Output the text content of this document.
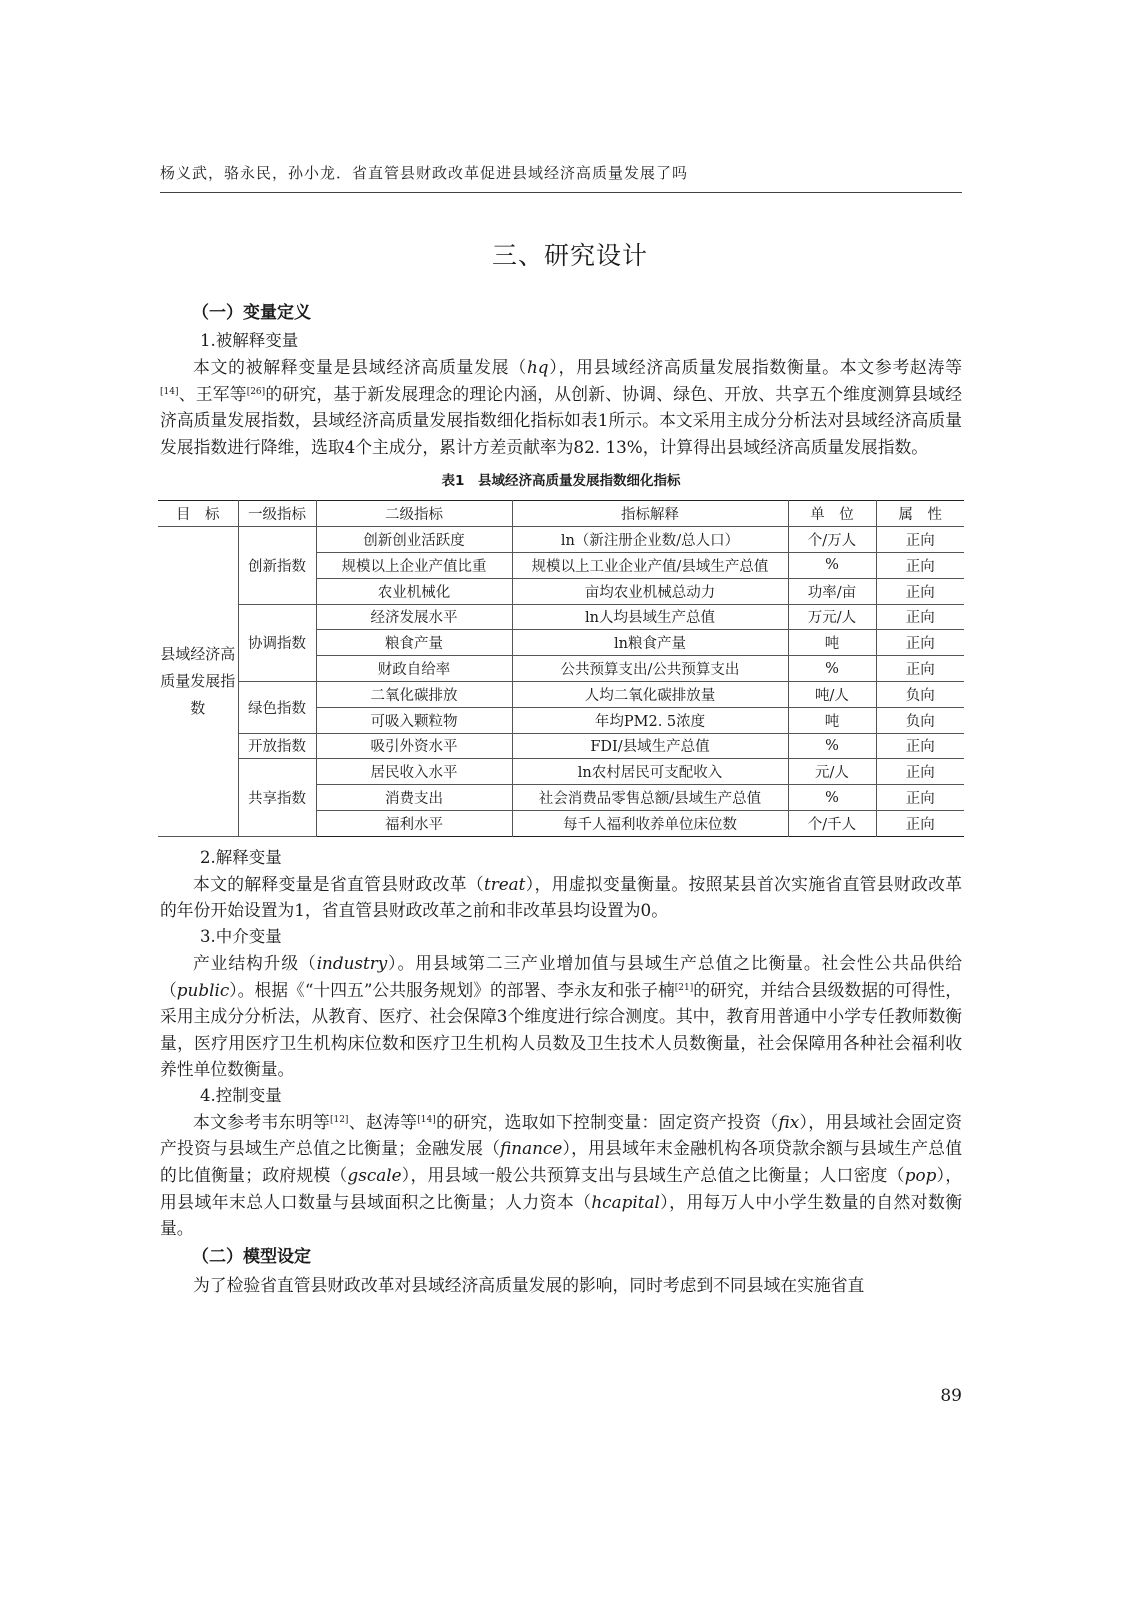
杨义武，骆永民，孙小龙．省直管县财政改革促进县域经济高质量发展了吗
三、研究设计
（一）变量定义
1.被解释变量

本文的被解释变量是县域经济高质量发展（hq），用县域经济高质量发展指数衡量。本文参考赵涛等[14]、王军等[26]的研究，基于新发展理念的理论内涵，从创新、协调、绿色、开放、共享五个维度测算县域经济高质量发展指数，县域经济高质量发展指数细化指标如表1所示。本文采用主成分分析法对县域经济高质量发展指数进行降维，选取4个主成分，累计方差贡献率为82. 13%，计算得出县域经济高质量发展指数。

表1　县域经济高质量发展指数细化指标
目　标	一级指标	二级指标	指标解释	单　位	属　性
县域经济高质量发展指数	创新指数	创新创业活跃度	ln（新注册企业数/总人口）	个/万人	正向
		规模以上企业产值比重	规模以上工业企业产值/县域生产总值	%	正向
		农业机械化	亩均农业机械总动力	功率/亩	正向
	协调指数	经济发展水平	ln人均县域生产总值	万元/人	正向
		粮食产量	ln粮食产量	吨	正向
		财政自给率	公共预算支出/公共预算支出	%	正向
	绿色指数	二氧化碳排放	人均二氧化碳排放量	吨/人	负向
		可吸入颗粒物	年均PM2. 5浓度	吨	负向
	开放指数	吸引外资水平	FDI/县域生产总值	%	正向
	共享指数	居民收入水平	ln农村居民可支配收入	元/人	正向
		消费支出	社会消费品零售总额/县域生产总值	%	正向
		福利水平	每千人福利收养单位床位数	个/千人	正向
2.解释变量

本文的解释变量是省直管县财政改革（treat），用虚拟变量衡量。按照某县首次实施省直管县财政改革的年份开始设置为1，省直管县财政改革之前和非改革县均设置为0。

3.中介变量

产业结构升级（industry）。用县域第二三产业增加值与县域生产总值之比衡量。社会性公共品供给（public）。根据《“十四五”公共服务规划》的部署、李永友和张子楠[21]的研究，并结合县级数据的可得性，采用主成分分析法，从教育、医疗、社会保障3个维度进行综合测度。其中，教育用普通中小学专任教师数衡量，医疗用医疗卫生机构床位数和医疗卫生机构人员数及卫生技术人员数衡量，社会保障用各种社会福利收养性单位数衡量。

4.控制变量

本文参考韦东明等[12]、赵涛等[14]的研究，选取如下控制变量：固定资产投资（fix），用县域社会固定资产投资与县域生产总值之比衡量；金融发展（finance），用县域年末金融机构各项贷款余额与县域生产总值的比值衡量；政府规模（gscale），用县域一般公共预算支出与县域生产总值之比衡量；人口密度（pop），用县域年末总人口数量与县域面积之比衡量；人力资本（hcapital），用每万人中小学生数量的自然对数衡量。

（二）模型设定

为了检验省直管县财政改革对县域经济高质量发展的影响，同时考虑到不同县域在实施省直

89
